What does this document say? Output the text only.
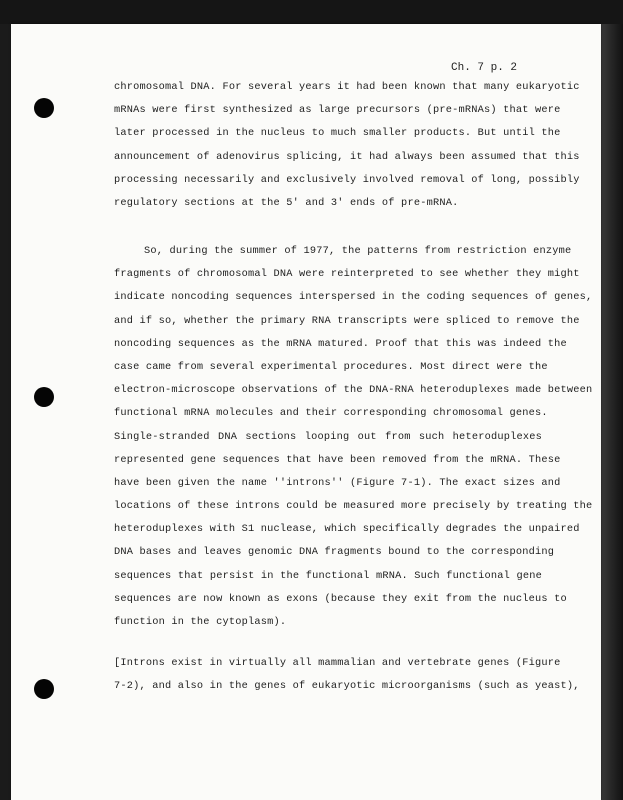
Ch. 7 p. 2
chromosomal DNA. For several years it had been known that many eukaryotic
mRNAs were first synthesized as large precursors (pre-mRNAs) that were
later processed in the nucleus to much smaller products. But until the
announcement of adenovirus splicing, it had always been assumed that this
processing necessarily and exclusively involved removal of long, possibly
regulatory sections at the 5' and 3' ends of pre-mRNA.
So, during the summer of 1977, the patterns from restriction enzyme
fragments of chromosomal DNA were reinterpreted to see whether they might
indicate noncoding sequences interspersed in the coding sequences of genes,
and if so, whether the primary RNA transcripts were spliced to remove the
noncoding sequences as the mRNA matured. Proof that this was indeed the
case came from several experimental procedures. Most direct were the
electron-microscope observations of the DNA-RNA heteroduplexes made between
functional mRNA molecules and their corresponding chromosomal genes.
Single-stranded DNA sections looping out from such heteroduplexes
represented gene sequences that have been removed from the mRNA. These
have been given the name ''introns'' (Figure 7-1). The exact sizes and
locations of these introns could be measured more precisely by treating the
heteroduplexes with S1 nuclease, which specifically degrades the unpaired
DNA bases and leaves genomic DNA fragments bound to the corresponding
sequences that persist in the functional mRNA. Such functional gene
sequences are now known as exons (because they exit from the nucleus to
function in the cytoplasm).
[Introns exist in virtually all mammalian and vertebrate genes (Figure
7-2), and also in the genes of eukaryotic microorganisms (such as yeast),
